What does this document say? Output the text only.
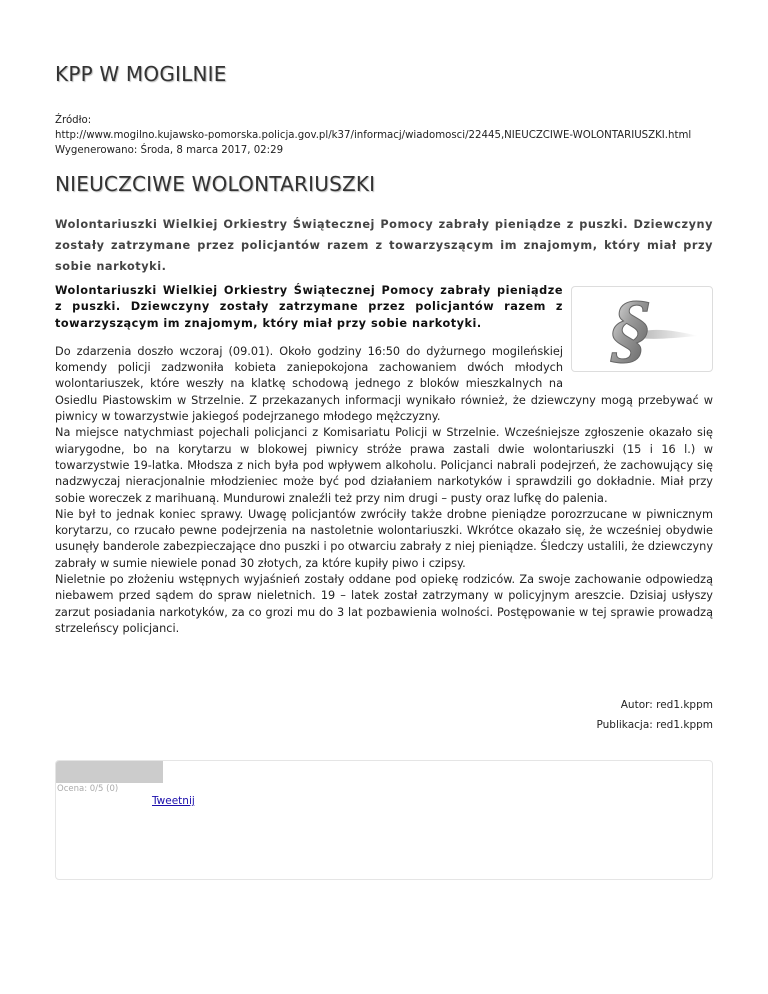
KPP W MOGILNIE
Źródło:
http://www.mogilno.kujawsko-pomorska.policja.gov.pl/k37/informacj/wiadomosci/22445,NIEUCZCIWE-WOLONTARIUSZKI.html
Wygenerowano: Środa, 8 marca 2017, 02:29
NIEUCZCIWE WOLONTARIUSZKI
Wolontariuszki Wielkiej Orkiestry Świątecznej Pomocy zabrały pieniądze z puszki. Dziewczyny zostały zatrzymane przez policjantów razem z towarzyszącym im znajomym, który miał przy sobie narkotyki.
§

Wolontariuszki Wielkiej Orkiestry Świątecznej Pomocy zabrały pieniądze z puszki. Dziewczyny zostały zatrzymane przez policjantów razem z towarzyszącym im znajomym, który miał przy sobie narkotyki.

Do zdarzenia doszło wczoraj (09.01). Około godziny 16:50 do dyżurnego mogileńskiej komendy policji zadzwoniła kobieta zaniepokojona zachowaniem dwóch młodych wolontariuszek, które weszły na klatkę schodową jednego z bloków mieszkalnych na Osiedlu Piastowskim w Strzelnie. Z przekazanych informacji wynikało również, że dziewczyny mogą przebywać w piwnicy w towarzystwie jakiegoś podejrzanego młodego mężczyzny.

Na miejsce natychmiast pojechali policjanci z Komisariatu Policji w Strzelnie. Wcześniejsze zgłoszenie okazało się wiarygodne, bo na korytarzu w blokowej piwnicy stróże prawa zastali dwie wolontariuszki (15 i 16 l.) w towarzystwie 19-latka. Młodsza z nich była pod wpływem alkoholu. Policjanci nabrali podejrzeń, że zachowujący się nadzwyczaj nieracjonalnie młodzieniec może być pod działaniem narkotyków i sprawdzili go dokładnie. Miał przy sobie woreczek z marihuaną. Mundurowi znaleźli też przy nim drugi – pusty oraz lufkę do palenia.

Nie był to jednak koniec sprawy. Uwagę policjantów zwróciły także drobne pieniądze porozrzucane w piwnicznym korytarzu, co rzucało pewne podejrzenia na nastoletnie wolontariuszki. Wkrótce okazało się, że wcześniej obydwie usunęły banderole zabezpieczające dno puszki i po otwarciu zabrały z niej pieniądze. Śledczy ustalili, że dziewczyny zabrały w sumie niewiele ponad 30 złotych, za które kupiły piwo i czipsy.

Nieletnie po złożeniu wstępnych wyjaśnień zostały oddane pod opiekę rodziców. Za swoje zachowanie odpowiedzą niebawem przed sądem do spraw nieletnich. 19 – latek został zatrzymany w policyjnym areszcie. Dzisiaj usłyszy zarzut posiadania narkotyków, za co grozi mu do 3 lat pozbawienia wolności. Postępowanie w tej sprawie prowadzą strzeleńscy policjanci.

Autor: red1.kppm
Publikacja: red1.kppm
Ocena: 0/5 (0)
Tweetnij
